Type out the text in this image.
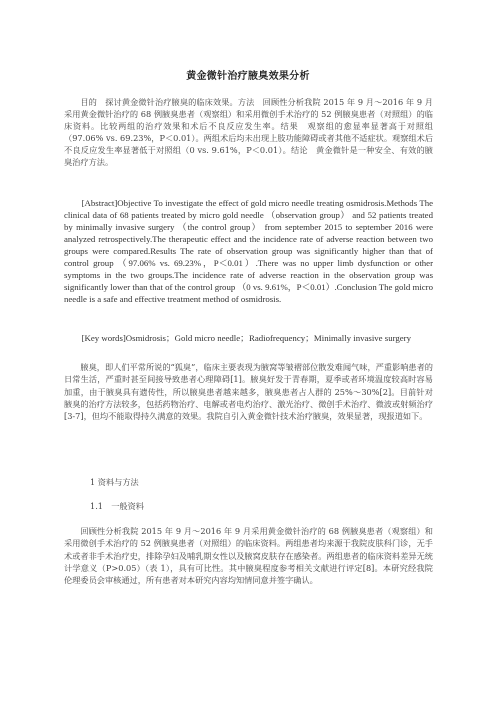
黄金微针治疗腋臭效果分析

目的　探讨黄金微针治疗腋臭的临床效果。方法　回顾性分析我院 2015 年 9 月～2016 年 9 月采用黄金微针治疗的 68 例腋臭患者（观察组）和采用微创手术治疗的 52 例腋臭患者（对照组）的临床资料。比较两组的治疗效果和术后不良反应发生率。结果　观察组的愈显率显著高于对照组（97.06% vs. 69.23%，P＜0.01）。两组术后均未出现上肢功能障碍或者其他不适症状。观察组术后不良反应发生率显著低于对照组（0 vs. 9.61%，P＜0.01）。结论　黄金微针是一种安全、有效的腋臭治疗方法。

[Abstract]Objective To investigate the effect of gold micro needle treating osmidrosis.Methods The clinical data of 68 patients treated by micro gold needle （observation group） and 52 patients treated by minimally invasive surgery （the control group） from september 2015 to september 2016 were analyzed retrospectively.The therapeutic effect and the incidence rate of adverse reaction between two groups were compared.Results The rate of observation group was significantly higher than that of control group （97.06% vs. 69.23%，P＜0.01）.There was no upper limb dysfunction or other symptoms in the two groups.The incidence rate of adverse reaction in the observation group was significantly lower than that of the control group （0 vs. 9.61%，P＜0.01）.Conclusion The gold micro needle is a safe and effective treatment method of osmidrosis.

[Key words]Osmidrosis；Gold micro needle；Radiofrequency；Minimally invasive surgery

腋臭，即人们平常所说的“狐臭”，临床主要表现为腋窝等皱褶部位散发难闻气味，严重影响患者的日常生活，严重时甚至间接导致患者心理障碍[1]。腋臭好发于青春期，夏季或者环境温度较高时容易加重，由于腋臭具有遗传性，所以腋臭患者越来越多，腋臭患者占人群的 25%～30%[2]。目前针对腋臭的治疗方法较多，包括药物治疗、电解或者电灼治疗、激光治疗、微创手术治疗、微波或射频治疗[3-7]，但均不能取得持久满意的效果。我院自引入黄金微针技术治疗腋臭，效果显著，现报道如下。

1 资料与方法
1.1　一般资料

回顾性分析我院 2015 年 9 月～2016 年 9 月采用黄金微针治疗的 68 例腋臭患者（观察组）和采用微创手术治疗的 52 例腋臭患者（对照组）的临床资料。两组患者均来源于我院皮肤科门诊，无手术或者非手术治疗史，排除孕妇及哺乳期女性以及腋窝皮肤存在感染者。两组患者的临床资料差异无统计学意义（P>0.05）（表 1），具有可比性。其中腋臭程度参考相关文献进行评定[8]。本研究经我院伦理委员会审核通过，所有患者对本研究内容均知情同意并签字确认。
